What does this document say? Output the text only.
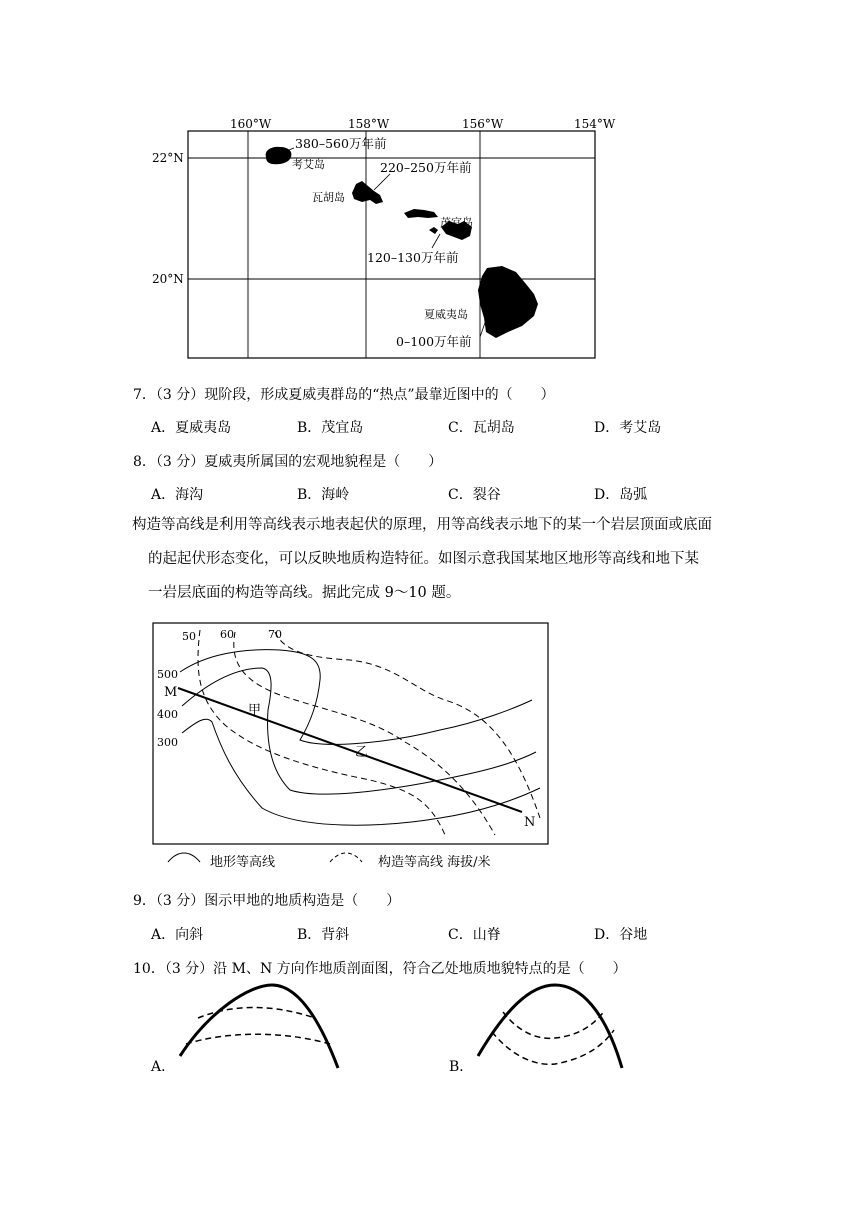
160°W	158°W	156°W	154°W
22°N
20°N
380–560万年前
考艾岛	220–250万年前
瓦胡岛
茂宜岛
120–130万年前
夏威夷岛
0–100万年前
7．（3 分）现阶段，形成夏威夷群岛的“热点”最靠近图中的（　　）
A．夏威夷岛	B．茂宜岛	C．瓦胡岛	D．考艾岛
8．（3 分）夏威夷所属国的宏观地貌程是（　　）
A．海沟	B．海岭	C．裂谷	D．岛弧
构造等高线是利用等高线表示地表起伏的原理，用等高线表示地下的某一个岩层顶面或底面
的起起伏形态变化，可以反映地质构造特征。如图示意我国某地区地形等高线和地下某
一岩层底面的构造等高线。据此完成 9～10 题。
50 60	70
500
400
300
M
N
甲
乙
地形等高线	构造等高线 海拔/米
9．（3 分）图示甲地的地质构造是（　　）
A．向斜	B．背斜	C．山脊	D．谷地
10．（3 分）沿 M、N 方向作地质剖面图，符合乙处地质地貌特点的是（　　）
A．	B．
